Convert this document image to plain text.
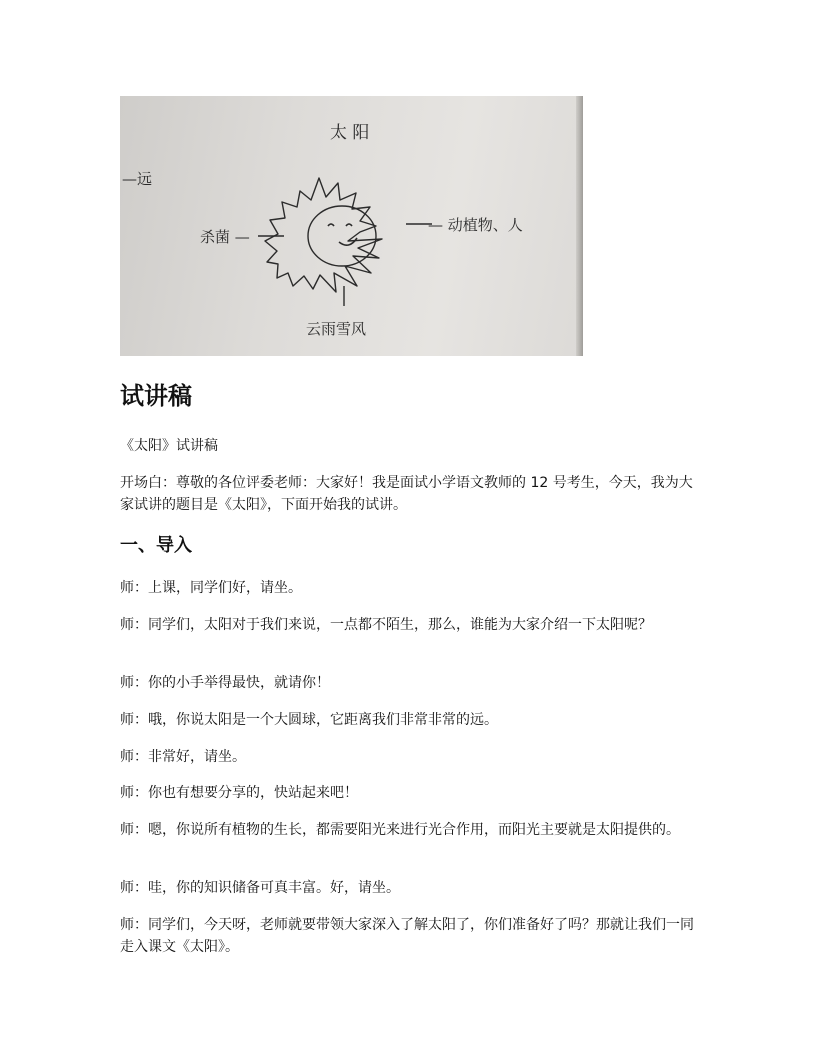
太 阳
—远
杀菌 —
— 动植物、人
云雨雪风
试讲稿

《太阳》试讲稿

开场白：尊敬的各位评委老师：大家好！我是面试小学语文教师的 12 号考生，今天，我为大家试讲的题目是《太阳》，下面开始我的试讲。

一、导入

师：上课，同学们好，请坐。

师：同学们，太阳对于我们来说，一点都不陌生，那么，谁能为大家介绍一下太阳呢？

师：你的小手举得最快，就请你！

师：哦，你说太阳是一个大圆球，它距离我们非常非常的远。

师：非常好，请坐。

师：你也有想要分享的，快站起来吧！

师：嗯，你说所有植物的生长，都需要阳光来进行光合作用，而阳光主要就是太阳提供的。

师：哇，你的知识储备可真丰富。好，请坐。

师：同学们，今天呀，老师就要带领大家深入了解太阳了，你们准备好了吗？那就让我们一同走入课文《太阳》。
